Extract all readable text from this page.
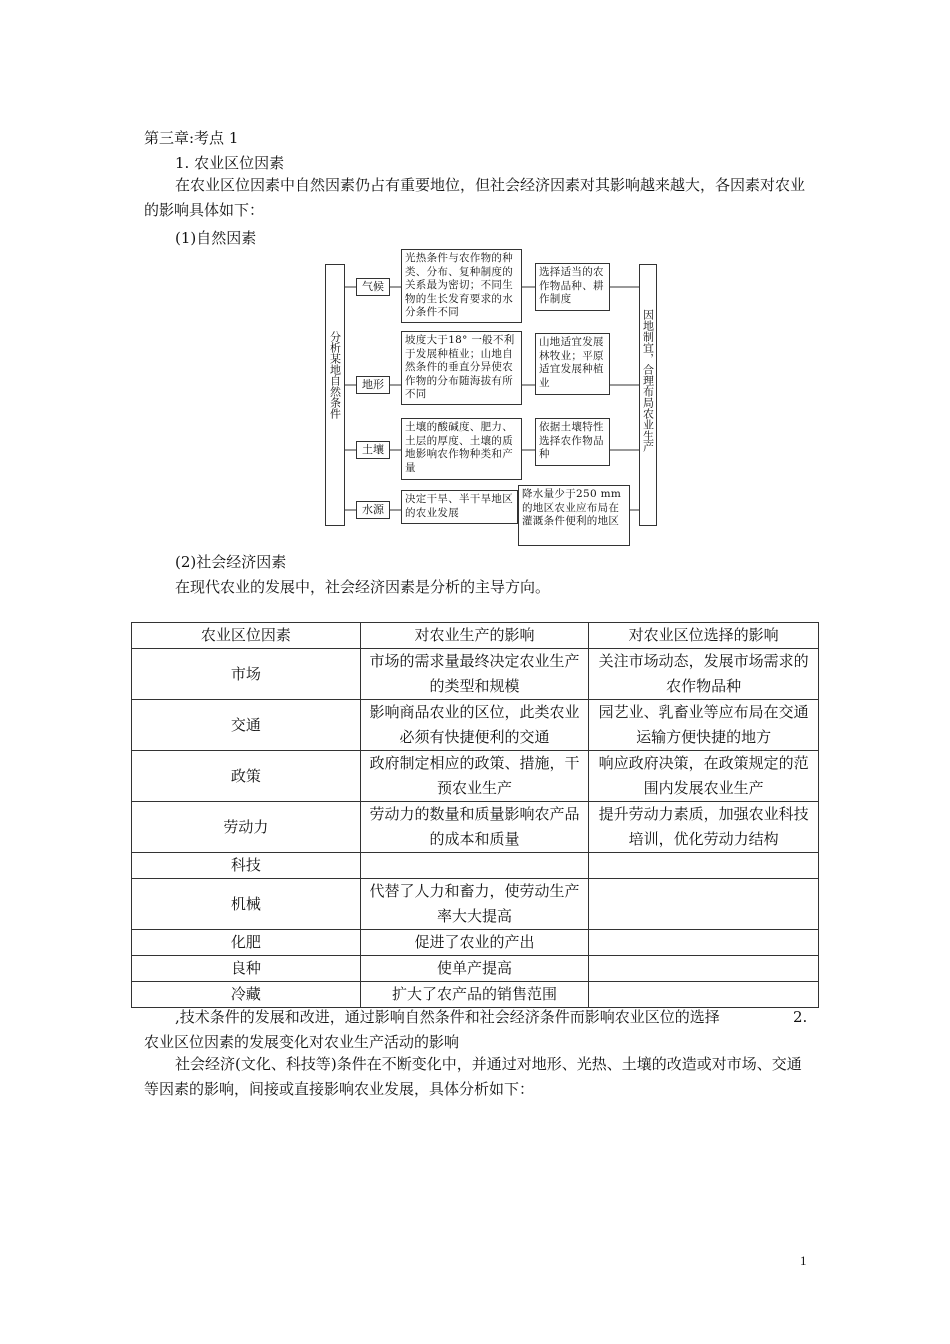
第三章:考点 1
1. 农业区位因素
在农业区位因素中自然因素仍占有重要地位，但社会经济因素对其影响越来越大，各因素对农业的影响具体如下：
(1)自然因素
分析某地自然条件
气候
地形
土壤
水源
光热条件与农作物的种类、分布、复种制度的关系最为密切；不同生物的生长发育要求的水分条件不同
坡度大于18° 一般不利于发展种植业；山地自然条件的垂直分异使农作物的分布随海拔有所不同
土壤的酸碱度、肥力、土层的厚度、土壤的质地影响农作物种类和产量
决定干旱、半干旱地区的农业发展
选择适当的农作物品种、耕作制度
山地适宜发展林牧业；平原适宜发展种植业
依据土壤特性选择农作物品种
降水量少于250 mm的地区农业应布局在灌溉条件便利的地区
因地制宜，合理布局农业生产
(2)社会经济因素
在现代农业的发展中，社会经济因素是分析的主导方向。
农业区位因素	对农业生产的影响	对农业区位选择的影响
市场	市场的需求量最终决定农业生产的类型和规模	关注市场动态，发展市场需求的农作物品种
交通	影响商品农业的区位，此类农业必须有快捷便利的交通	园艺业、乳畜业等应布局在交通运输方便快捷的地方
政策	政府制定相应的政策、措施，干预农业生产	响应政府决策，在政策规定的范围内发展农业生产
劳动力	劳动力的数量和质量影响农产品的成本和质量	提升劳动力素质，加强农业科技培训，优化劳动力结构
科技		
机械	代替了人力和畜力，使劳动生产率大大提高	
化肥	促进了农业的产出	
良种	使单产提高	
冷藏	扩大了农产品的销售范围	
,技术条件的发展和改进，通过影响自然条件和社会经济条件而影响农业区位的选择	2.
农业区位因素的发展变化对农业生产活动的影响
社会经济(文化、科技等)条件在不断变化中，并通过对地形、光热、土壤的改造或对市场、交通等因素的影响，间接或直接影响农业发展，具体分析如下：
1
